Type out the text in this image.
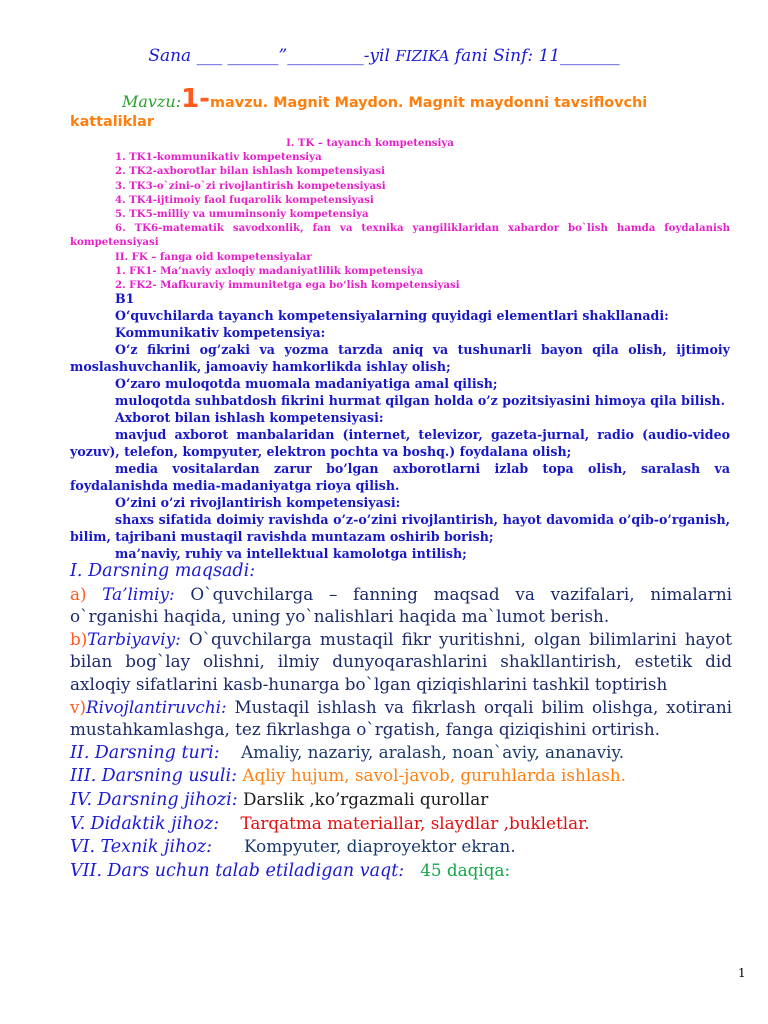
Sana ___ ______”_________-yil FIZIKA fani Sinf: 11_______
Mavzu:1-mavzu. Magnit Maydon. Magnit maydonni tavsiflovchi
kattaliklar
I. TK – tayanch kompetensiya
1. TK1-kommunikativ kompetensiya
2. TK2-axborotlar bilan ishlash kompetensiyasi
3. TK3-o`zini-o`zi rivojlantirish kompetensiyasi
4. TK4-ijtimoiy faol fuqarolik kompetensiyasi
5. TK5-milliy va umuminsoniy kompetensiya
6. TK6-matematik savodxonlik, fan va texnika yangiliklaridan xabardor bo`lish hamda foydalanish kompetensiyasi
II. FK – fanga oid kompetensiyalar
1. FK1- Ma’naviy axloqiy madaniyatlilik kompetensiya
2. FK2- Mafkuraviy immunitetga ega bo‘lish kompetensiyasi
B1
O‘quvchilarda tayanch kompetensiyalarning quyidagi elementlari shakllanadi:
Kommunikativ kompetensiya:
O‘z fikrini og’zaki va yozma tarzda aniq va tushunarli bayon qila olish, ijtimoiy moslashuvchanlik, jamoaviy hamkorlikda ishlay olish;
O‘zaro muloqotda muomala madaniyatiga amal qilish;
muloqotda suhbatdosh fikrini hurmat qilgan holda o’z pozitsiyasini himoya qila bilish.
Axborot bilan ishlash kompetensiyasi:
mavjud axborot manbalaridan (internet, televizor, gazeta-jurnal, radio (audio-video yozuv), telefon, kompyuter, elektron pochta va boshq.) foydalana olish;
media vositalardan zarur bo’lgan axborotlarni izlab topa olish, saralash va foydalanishda media-madaniyatga rioya qilish.
O’zini o’zi rivojlantirish kompetensiyasi:
shaxs sifatida doimiy ravishda o’z-o’zini rivojlantirish, hayot davomida o’qib-o’rganish, bilim, tajribani mustaqil ravishda muntazam oshirib borish;
ma’naviy, ruhiy va intellektual kamolotga intilish;
I. Darsning maqsadi:
a) Ta’limiy: O`quvchilarga – fanning maqsad va vazifalari, nimalarni o`rganishi haqida, uning yo`nalishlari haqida ma`lumot berish.
b)Tarbiyaviy: O`quvchilarga mustaqil fikr yuritishni, olgan bilimlarini hayot bilan bog`lay olishni, ilmiy dunyoqarashlarini shakllantirish, estetik did axloqiy sifatlarini kasb-hunarga bo`lgan qiziqishlarini tashkil toptirish
v)Rivojlantiruvchi: Mustaqil ishlash va fikrlash orqali bilim olishga, xotirani mustahkamlashga, tez fikrlashga o`rgatish, fanga qiziqishini ortirish.
II. Darsning turi: Amaliy, nazariy, aralash, noan`aviy, ananaviy.
III. Darsning usuli: Aqliy hujum, savol-javob, guruhlarda ishlash.
IV. Darsning jihozi: Darslik ,ko’rgazmali qurollar
V. Didaktik jihoz: Tarqatma materiallar, slaydlar ,bukletlar.
VI. Texnik jihoz: Kompyuter, diaproyektor ekran.
VII. Dars uchun talab etiladigan vaqt: 45 daqiqa:
1
